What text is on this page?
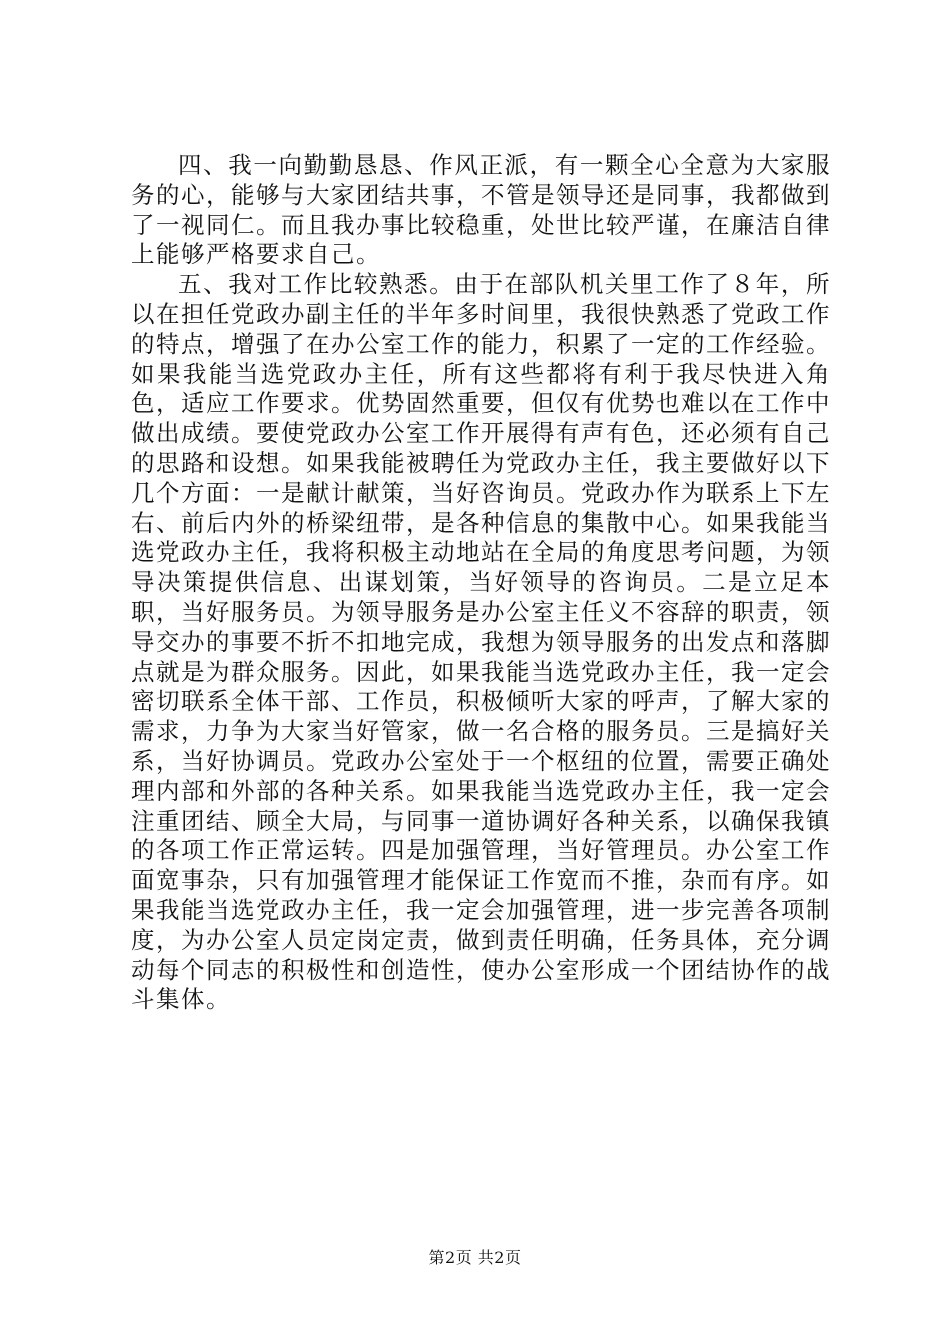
四、我一向勤勤恳恳、作风正派，有一颗全心全意为大家服务的心，能够与大家团结共事，不管是领导还是同事，我都做到了一视同仁。而且我办事比较稳重，处世比较严谨，在廉洁自律上能够严格要求自己。

五、我对工作比较熟悉。由于在部队机关里工作了８年，所以在担任党政办副主任的半年多时间里，我很快熟悉了党政工作的特点，增强了在办公室工作的能力，积累了一定的工作经验。如果我能当选党政办主任，所有这些都将有利于我尽快进入角色，适应工作要求。优势固然重要，但仅有优势也难以在工作中做出成绩。要使党政办公室工作开展得有声有色，还必须有自己的思路和设想。如果我能被聘任为党政办主任，我主要做好以下几个方面：一是献计献策，当好咨询员。党政办作为联系上下左右、前后内外的桥梁纽带，是各种信息的集散中心。如果我能当选党政办主任，我将积极主动地站在全局的角度思考问题，为领导决策提供信息、出谋划策，当好领导的咨询员。二是立足本职，当好服务员。为领导服务是办公室主任义不容辞的职责，领导交办的事要不折不扣地完成，我想为领导服务的出发点和落脚点就是为群众服务。因此，如果我能当选党政办主任，我一定会密切联系全体干部、工作员，积极倾听大家的呼声，了解大家的需求，力争为大家当好管家，做一名合格的服务员。三是搞好关系，当好协调员。党政办公室处于一个枢纽的位置，需要正确处理内部和外部的各种关系。如果我能当选党政办主任，我一定会注重团结、顾全大局，与同事一道协调好各种关系，以确保我镇的各项工作正常运转。四是加强管理，当好管理员。办公室工作面宽事杂，只有加强管理才能保证工作宽而不推，杂而有序。如果我能当选党政办主任，我一定会加强管理，进一步完善各项制度，为办公室人员定岗定责，做到责任明确，任务具体，充分调动每个同志的积极性和创造性，使办公室形成一个团结协作的战斗集体。

第2页 共2页
